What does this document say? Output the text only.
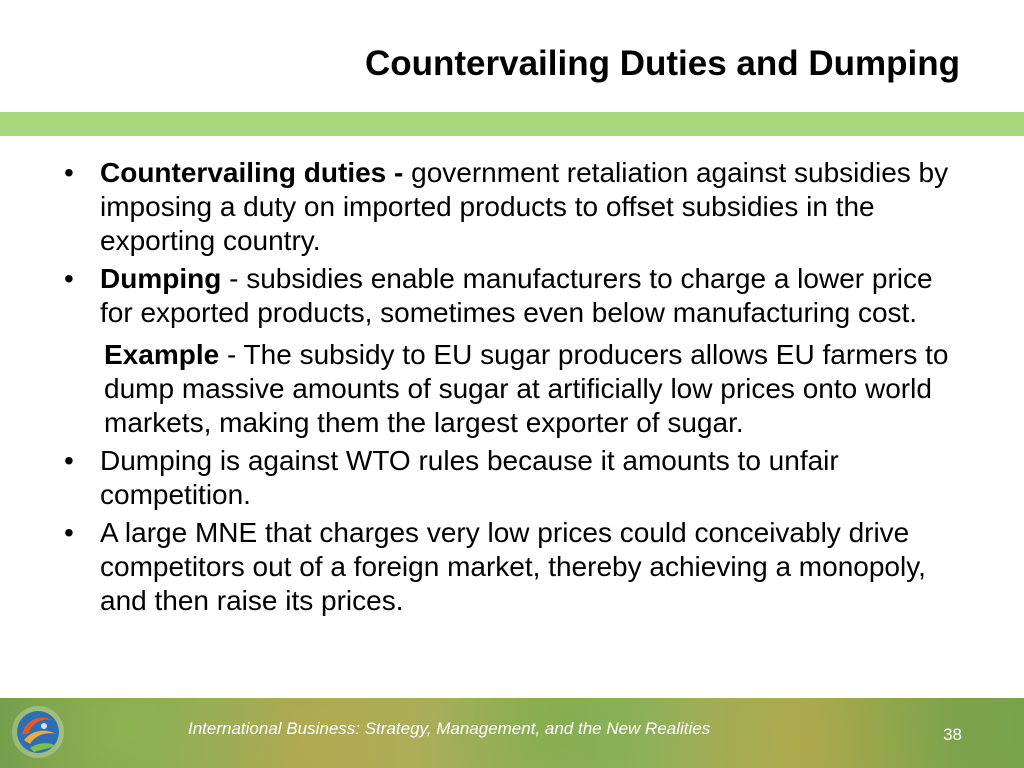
Countervailing Duties and Dumping
• Countervailing duties - government retaliation against subsidies by imposing a duty on imported products to offset subsidies in the exporting country.
• Dumping - subsidies enable manufacturers to charge a lower price for exported products, sometimes even below manufacturing cost.
Example - The subsidy to EU sugar producers allows EU farmers to dump massive amounts of sugar at artificially low prices onto world markets, making them the largest exporter of sugar.
• Dumping is against WTO rules because it amounts to unfair competition.
• A large MNE that charges very low prices could conceivably drive competitors out of a foreign market, thereby achieving a monopoly, and then raise its prices.
International Business: Strategy, Management, and the New Realities	38
